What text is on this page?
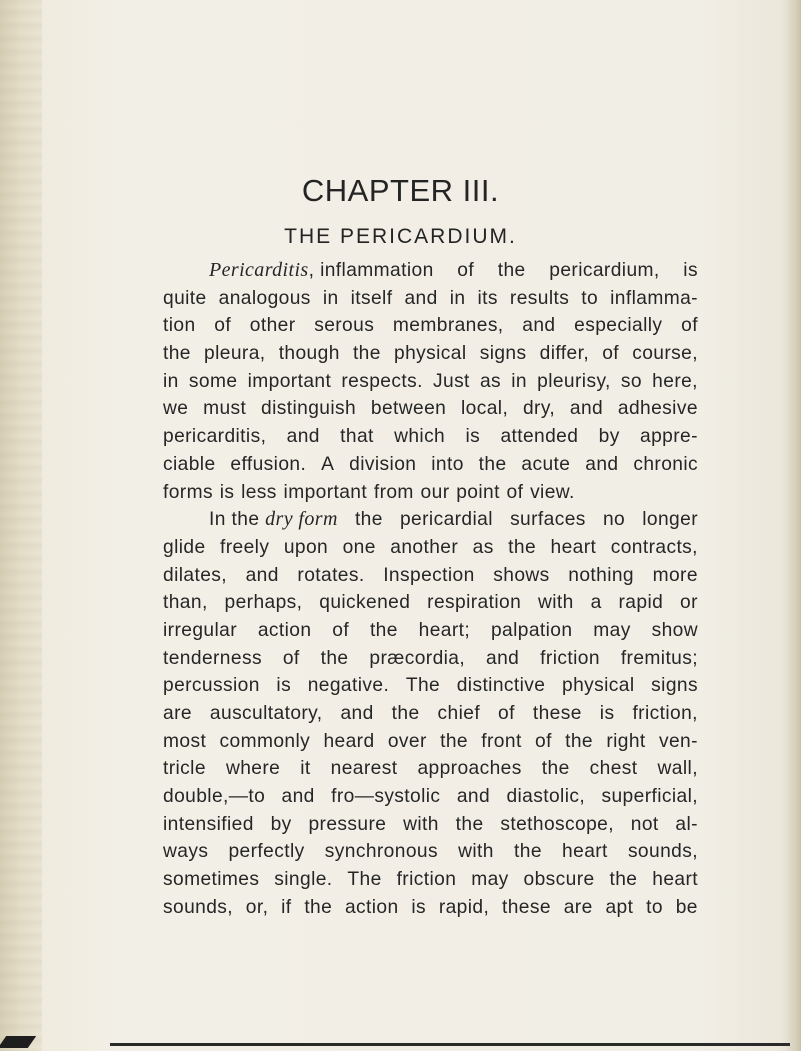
CHAPTER III.
THE PERICARDIUM.
Pericarditis, inflammation of the pericardium, is
quite analogous in itself and in its results to inflamma-
tion of other serous membranes, and especially of
the pleura, though the physical signs differ, of course,
in some important respects. Just as in pleurisy, so here,
we must distinguish between local, dry, and adhesive
pericarditis, and that which is attended by appre-
ciable effusion. A division into the acute and chronic
forms is less important from our point of view.
In the dry form the pericardial surfaces no longer
glide freely upon one another as the heart contracts,
dilates, and rotates. Inspection shows nothing more
than, perhaps, quickened respiration with a rapid or
irregular action of the heart; palpation may show
tenderness of the præcordia, and friction fremitus;
percussion is negative. The distinctive physical signs
are auscultatory, and the chief of these is friction,
most commonly heard over the front of the right ven-
tricle where it nearest approaches the chest wall,
double,—to and fro—systolic and diastolic, superficial,
intensified by pressure with the stethoscope, not al-
ways perfectly synchronous with the heart sounds,
sometimes single. The friction may obscure the heart
sounds, or, if the action is rapid, these are apt to be
